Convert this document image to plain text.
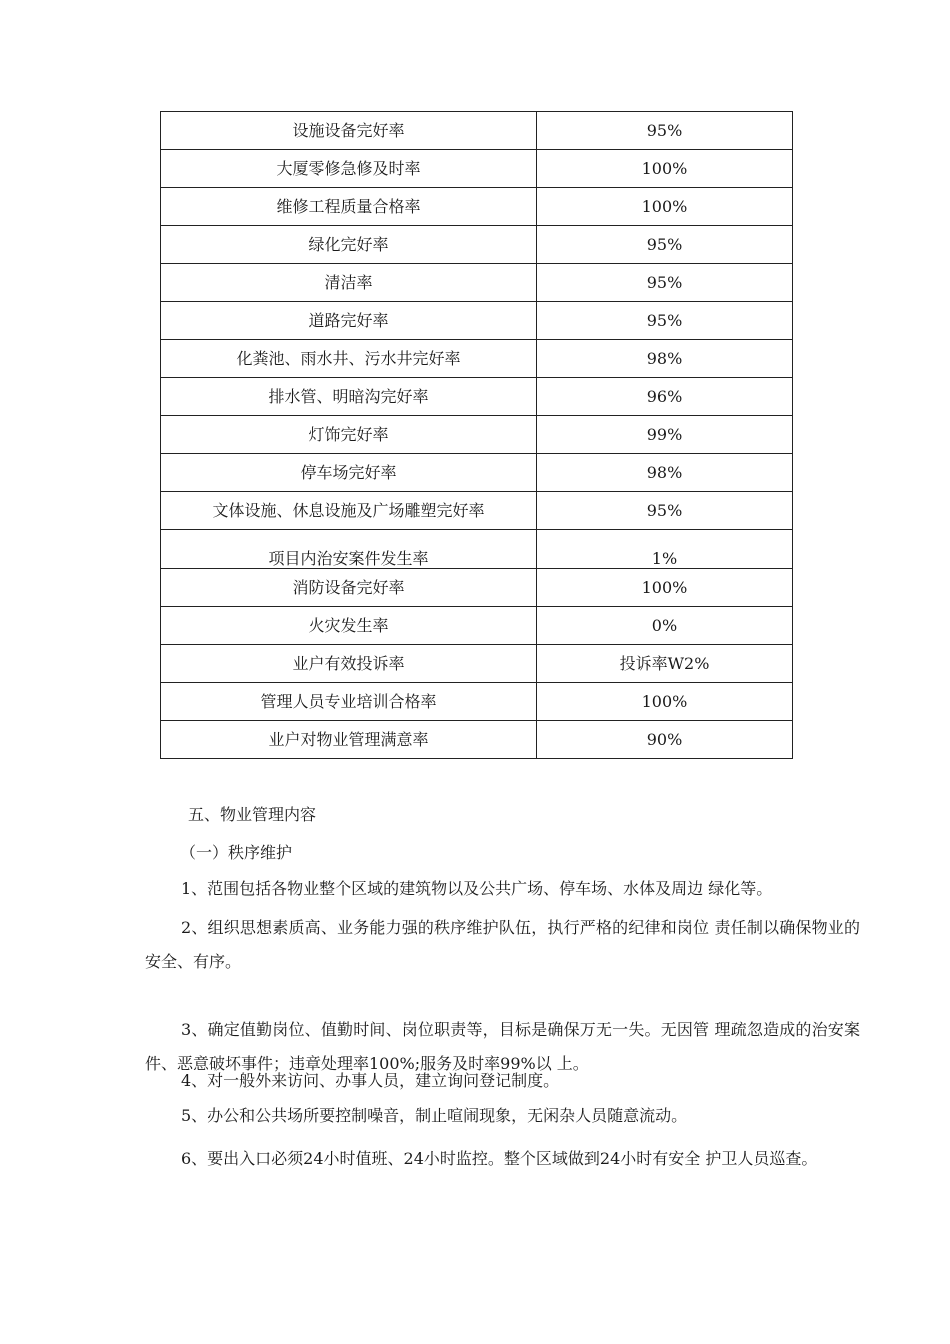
设施设备完好率	95%
大厦零修急修及时率	100%
维修工程质量合格率	100%
绿化完好率	95%
清洁率	95%
道路完好率	95%
化粪池、雨水井、污水井完好率	98%
排水管、明暗沟完好率	96%
灯饰完好率	99%
停车场完好率	98%
文体设施、休息设施及广场雕塑完好率	95%
项目内治安案件发生率	1%
消防设备完好率	100%
火灾发生率	0%
业户有效投诉率	投诉率W2%
管理人员专业培训合格率	100%
业户对物业管理满意率	90%
五、物业管理内容
（一）秩序维护
1、范围包括各物业整个区域的建筑物以及公共广场、停车场、水体及周边 绿化等。
2、组织思想素质高、业务能力强的秩序维护队伍，执行严格的纪律和岗位 责任制以确保物业的安全、有序。
3、确定值勤岗位、值勤时间、岗位职责等，目标是确保万无一失。无因管 理疏忽造成的治安案件、恶意破坏事件；违章处理率100%;服务及时率99%以 上。
4、对一般外来访问、办事人员，建立询问登记制度。
5、办公和公共场所要控制噪音，制止喧闹现象，无闲杂人员随意流动。
6、要出入口必须24小时值班、24小时监控。整个区域做到24小时有安全 护卫人员巡查。
